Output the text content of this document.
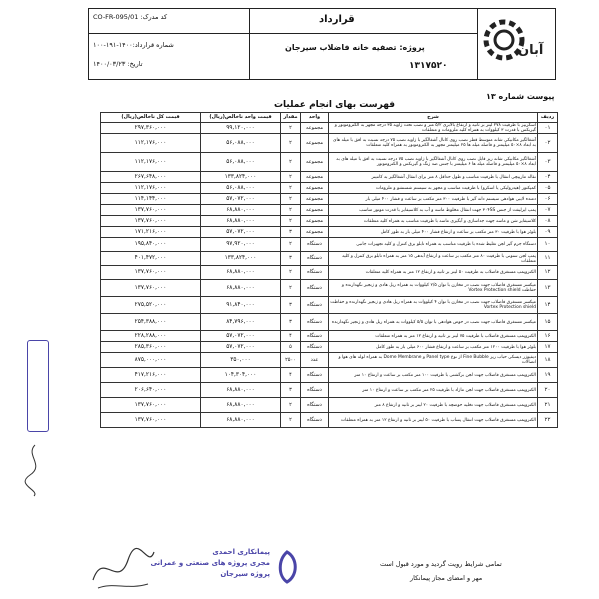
قرارداد
پروژه: تصفیه خانه فاضلاب سیرجان
۱۳۱۷۵۲۰
کد مدرک: CO-FR-095/01
شماره قرارداد:۱۴۰۰-۱۹۱-۱۰۰
تاریخ: ۱۴۰۰/۰۳/۲۳
آبان
پیوست شماره ۱۳
فهرست بهای انجام عملیات
ردیف	شرح	واحد	مقدار	قیمت واحد ناخالص(ریال)	قیمت کل ناخالص(ریال)
۰۱	اسکریپر با ظرفیت ۲۷۸ لیتر بر ثانیه و ارتفاع بالابری ۵/۲ متر و نصب تحت زاویه ۳۵ درجه مجهز به الکتروموتور و گیربکس با قدرت ۳ کیلووات به همراه کلیه ملزومات و متعلقات	مجموعه	۲	۹۹,۱۲۰,۰۰۰	۲۹۷,۳۶۰,۰۰۰
۰۲	آشغالگیر مکانیکی شانه متوسط قطر نصب روی کانال آشغالگیر با زاویه نصب ۷۵ درجه نسبت به افق با میله های به ابعاد ۸×۵۰ میلیمتر و فاصله میله ها ۲۵ میلیمتر مجهز به الکتروموتور به همراه کلیه متعلقات	مجموعه	۲	۵۶,۰۸۸,۰۰۰	۱۱۲,۱۷۶,۰۰۰
۰۳	آشغالگیر مکانیکی شانه ریز قابل نصب روی کانال آشغالگیر با زاویه نصب ۷۵ درجه نسبت به افق با میله های به ابعاد ۸×۵۰ میلیمتر و فاصله میله ها ۶ میلیمتر با جنس ضد زنگ و گیربکس و الکتروموتور	مجموعه	۲	۵۶,۰۸۸,۰۰۰	۱۱۲,۱۷۶,۰۰۰
۰۴	نقاله مارپیچی انتقال با ظرفیت مناسب و طول حداقل ۸ متر برای انتقال آشغالگیر به کانتینر	مجموعه	۲	۱۳۳,۸۲۴,۰۰۰	۲۶۷,۶۴۸,۰۰۰
۰۵	کمپکتور (هیدرولیکی یا اسکرو) با ظرفیت مناسب و مجهز به سیستم شستشو و ملزومات	مجموعه	۲	۵۶,۰۸۸,۰۰۰	۱۱۲,۱۷۶,۰۰۰
۰۶	دمنده لایبی هوادهی سیستم دانه گیر با ظرفیت ۳۰۰ متر مکعب بر ساعت و فشار ۴۰۰ میلی بار	مجموعه	۲	۵۷,۰۷۲,۰۰۰	۱۱۴,۱۴۴,۰۰۰
۰۷	پمپ ایرلیفت از جنس ۳۰۴SS جهت انتقال مخلوط ماسه و آب به کلاسیفایر با قدرت موتور مناسب	مجموعه	۲	۶۸,۸۸۰,۰۰۰	۱۳۷,۷۶۰,۰۰۰
۰۸	کلاسیفایر شن و ماسه جهت جداسازی و آبگیری ماسه با ظرفیت مناسب به همراه کلیه متعلقات	مجموعه	۲	۶۸,۸۸۰,۰۰۰	۱۳۷,۷۶۰,۰۰۰
۰۹	بلوئر هوا با ظرفیت ۳۰ متر مکعب بر ساعت و ارتفاع فشار ۴۰۰ میلی بار به طور کامل	مجموعه	۳	۵۷,۰۷۲,۰۰۰	۱۷۱,۲۱۶,۰۰۰
۱۰	دستگاه جرم گیر لجن تغلیظ شده با ظرفیت مناسب به همراه تابلو برق کنترل و کلیه تجهیزات جانبی	دستگاه	۲	۹۷,۹۲۰,۰۰۰	۱۹۵,۸۴۰,۰۰۰
۱۱	پمپ لجن ستونی با ظرفیت ۸۰ متر مکعب بر ساعت و ارتفاع آبدهی ۱۵ متر به همراه تابلو برق کنترل و کلیه متعلقات	دستگاه	۳	۱۳۳,۸۲۴,۰۰۰	۴۰۱,۴۷۲,۰۰۰
۱۲	الکتروپمپ مستغرق فاضلاب به ظرفیت ۵۰ لیتر بر ثانیه و ارتفاع ۱۲ متر به همراه کلیه متعلقات	دستگاه	۲	۶۸,۸۸۰,۰۰۰	۱۳۷,۷۶۰,۰۰۰
۱۳	میکسر مستغرق فاضلاب جهت نصب در مخازن با توان ۲/۵ کیلووات به همراه ریل هادی و زنجیر نگهدارنده و حفاظت Vortex Protection shield	دستگاه	۲	۶۸,۸۸۰,۰۰۰	۱۳۷,۷۶۰,۰۰۰
۱۴	میکسر مستغرق فاضلاب جهت نصب در مخازن با توان ۴ کیلووات به همراه ریل هادی و زنجیر نگهدارنده و حفاظت Vortex Protection shield	دستگاه	۳	۹۱,۸۴۰,۰۰۰	۲۷۵,۵۲۰,۰۰۰
۱۵	میکسر مستغرق فاضلاب جهت نصب در حوض هوادهی با توان ۵/۵ کیلووات به همراه ریل هادی و زنجیر نگهدارنده	دستگاه	۳	۸۴,۷۹۶,۰۰۰	۲۵۴,۳۸۸,۰۰۰
۱۶	الکتروپمپ مستغرق فاضلاب با ظرفیت ۷۵ لیتر بر ثانیه و ارتفاع ۱۲ متر به همراه متعلقات	دستگاه	۴	۵۷,۰۷۲,۰۰۰	۲۲۸,۲۸۸,۰۰۰
۱۷	بلوئر هوا با ظرفیت ۱۲۰۰ متر مکعب بر ساعت و ارتفاع فشار ۶۰۰ میلی بار به طور کامل	دستگاه	۵	۵۷,۰۷۲,۰۰۰	۲۸۵,۳۶۰,۰۰۰
۱۸	دیفیوزر دیسکی حباب ریز Fine Bubble از نوع Panel type و Dome Membrane به همراه لوله های هوا و اتصالات	عدد	۲۵۰۰	۳۵۰,۰۰۰	۸۷۵,۰۰۰,۰۰۰
۱۹	الکتروپمپ مستغرق فاضلاب جهت لجن برگشتی با ظرفیت ۱۰۰ متر مکعب بر ساعت و ارتفاع ۱۰ متر	دستگاه	۴	۱۰۴,۳۰۴,۰۰۰	۴۱۷,۲۱۶,۰۰۰
۲۰	الکتروپمپ مستغرق فاضلاب جهت لجن مازاد با ظرفیت ۲۵ متر مکعب بر ساعت و ارتفاع ۱۰ متر	دستگاه	۳	۶۸,۸۸۰,۰۰۰	۲۰۶,۶۴۰,۰۰۰
۲۱	الکتروپمپ مستغرق فاضلاب جهت تخلیه حوضچه با ظرفیت ۲۰ لیتر بر ثانیه و ارتفاع ۸ متر	دستگاه	۲	۶۸,۸۸۰,۰۰۰	۱۳۷,۷۶۰,۰۰۰
۲۲	الکتروپمپ مستغرق فاضلاب جهت انتقال پساب با ظرفیت ۵۰ لیتر بر ثانیه و ارتفاع ۱۲ متر به همراه متعلقات	دستگاه	۲	۶۸,۸۸۰,۰۰۰	۱۳۷,۷۶۰,۰۰۰
تمامی شرایط رویت گردید و مورد قبول است
مهر و امضای مجاز پیمانکار
پیمانکاری احمدی
مجری پروژه های صنعتی و عمرانی
پروژه سیرجان
